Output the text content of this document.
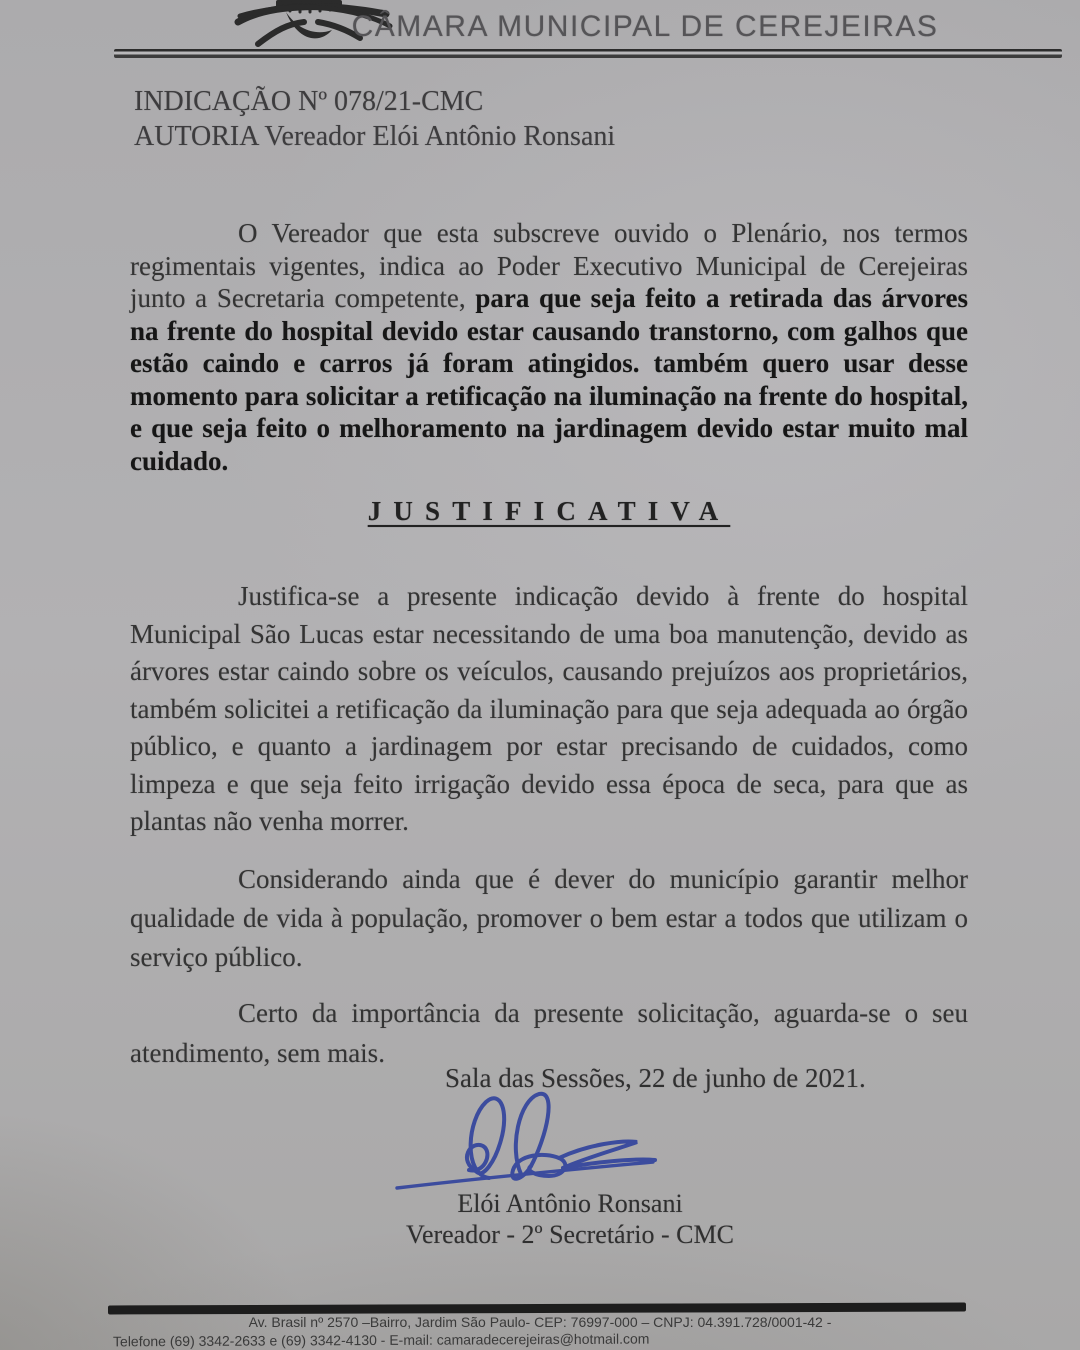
CÂMARA MUNICIPAL DE CEREJEIRAS
INDICAÇÃO Nº 078/21-CMC
AUTORIA Vereador Elói Antônio Ronsani

O Vereador que esta subscreve ouvido o Plenário, nos termos regimentais vigentes, indica ao Poder Executivo Municipal de Cerejeiras junto a Secretaria competente, para que seja feito a retirada das árvores na frente do hospital devido estar causando transtorno, com galhos que estão caindo e carros já foram atingidos. também quero usar desse momento para solicitar a retificação na iluminação na frente do hospital, e que seja feito o melhoramento na jardinagem devido estar muito mal cuidado.

JUSTIFICATIVA

Justifica-se a presente indicação devido à frente do hospital Municipal São Lucas estar necessitando de uma boa manutenção, devido as árvores estar caindo sobre os veículos, causando prejuízos aos proprietários, também solicitei a retificação da iluminação para que seja adequada ao órgão público, e quanto a jardinagem por estar precisando de cuidados, como limpeza e que seja feito irrigação devido essa época de seca, para que as plantas não venha morrer.

Considerando ainda que é dever do município garantir melhor qualidade de vida à população, promover o bem estar a todos que utilizam o serviço público.

Certo da importância da presente solicitação, aguarda-se o seu atendimento, sem mais.

Sala das Sessões, 22 de junho de 2021.
Elói Antônio Ronsani
Vereador - 2º Secretário - CMC
Av. Brasil nº 2570 –Bairro, Jardim São Paulo- CEP: 76997-000 – CNPJ: 04.391.728/0001-42 -
Telefone (69) 3342-2633 e (69) 3342-4130 - E-mail: camaradecerejeiras@hotmail.com
